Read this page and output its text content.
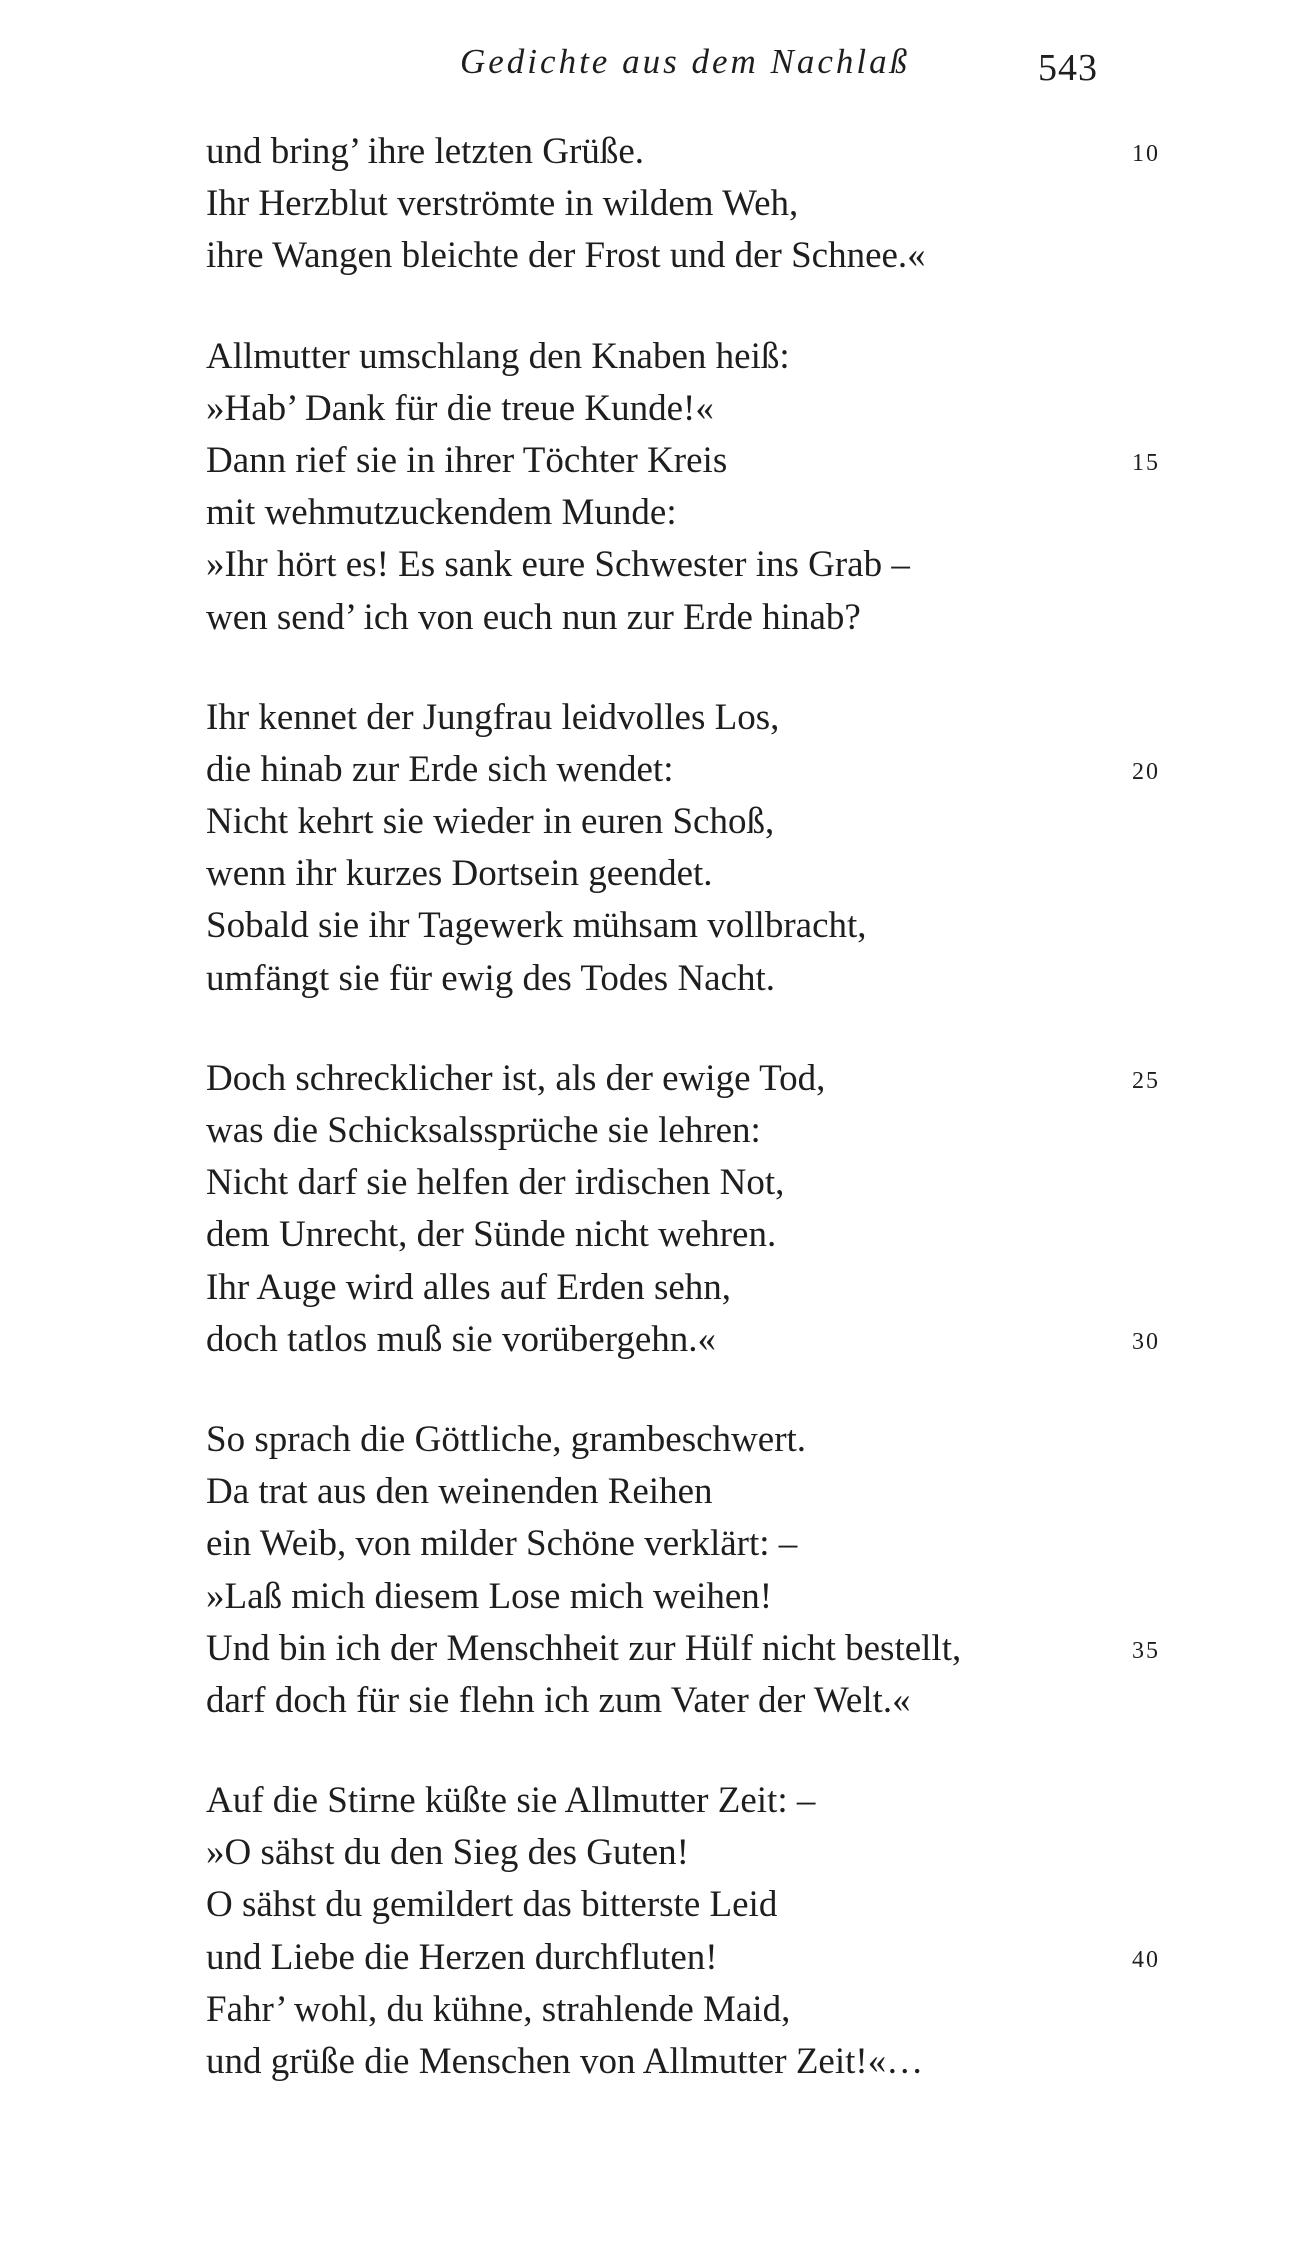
Gedichte aus dem Nachlaß	543
und bring’ ihre letzten Grüße.	10
Ihr Herzblut verströmte in wildem Weh,
ihre Wangen bleichte der Frost und der Schnee.«
Allmutter umschlang den Knaben heiß:
»Hab’ Dank für die treue Kunde!«
Dann rief sie in ihrer Töchter Kreis	15
mit wehmutzuckendem Munde:
»Ihr hört es! Es sank eure Schwester ins Grab –
wen send’ ich von euch nun zur Erde hinab?
Ihr kennet der Jungfrau leidvolles Los,
die hinab zur Erde sich wendet:	20
Nicht kehrt sie wieder in euren Schoß,
wenn ihr kurzes Dortsein geendet.
Sobald sie ihr Tagewerk mühsam vollbracht,
umfängt sie für ewig des Todes Nacht.
Doch schrecklicher ist, als der ewige Tod,	25
was die Schicksalssprüche sie lehren:
Nicht darf sie helfen der irdischen Not,
dem Unrecht, der Sünde nicht wehren.
Ihr Auge wird alles auf Erden sehn,
doch tatlos muß sie vorübergehn.«	30
So sprach die Göttliche, grambeschwert.
Da trat aus den weinenden Reihen
ein Weib, von milder Schöne verklärt: –
»Laß mich diesem Lose mich weihen!
Und bin ich der Menschheit zur Hülf nicht bestellt,	35
darf doch für sie flehn ich zum Vater der Welt.«
Auf die Stirne küßte sie Allmutter Zeit: –
»O sähst du den Sieg des Guten!
O sähst du gemildert das bitterste Leid
und Liebe die Herzen durchfluten!	40
Fahr’ wohl, du kühne, strahlende Maid,
und grüße die Menschen von Allmutter Zeit!«…
